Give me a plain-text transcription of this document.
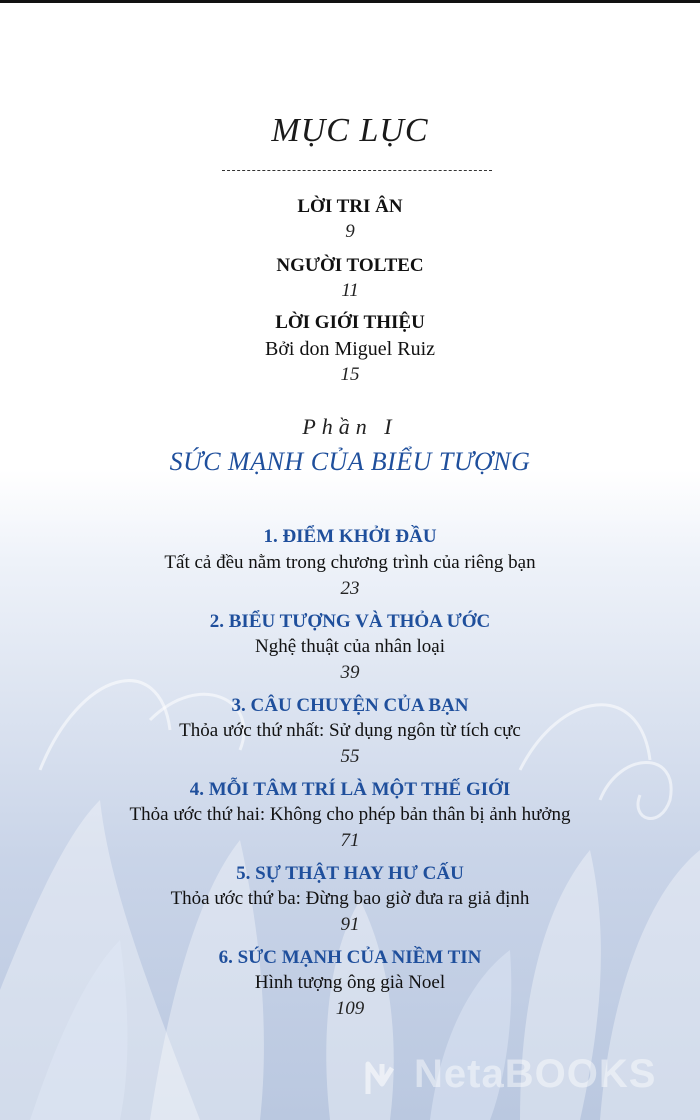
MỤC LỤC
LỜI TRI ÂN
9
NGƯỜI TOLTEC
11
LỜI GIỚI THIỆU
Bởi don Miguel Ruiz
15
Phần I
SỨC MẠNH CỦA BIỂU TƯỢNG
1. ĐIỂM KHỞI ĐẦU
Tất cả đều nằm trong chương trình của riêng bạn
23
2. BIỂU TƯỢNG VÀ THỎA ƯỚC
Nghệ thuật của nhân loại
39
3. CÂU CHUYỆN CỦA BẠN
Thỏa ước thứ nhất: Sử dụng ngôn từ tích cực
55
4. MỖI TÂM TRÍ LÀ MỘT THẾ GIỚI
Thỏa ước thứ hai: Không cho phép bản thân bị ảnh hưởng
71
5. SỰ THẬT HAY HƯ CẤU
Thỏa ước thứ ba: Đừng bao giờ đưa ra giả định
91
6. SỨC MẠNH CỦA NIỀM TIN
Hình tượng ông già Noel
109
NetaBOOKS
